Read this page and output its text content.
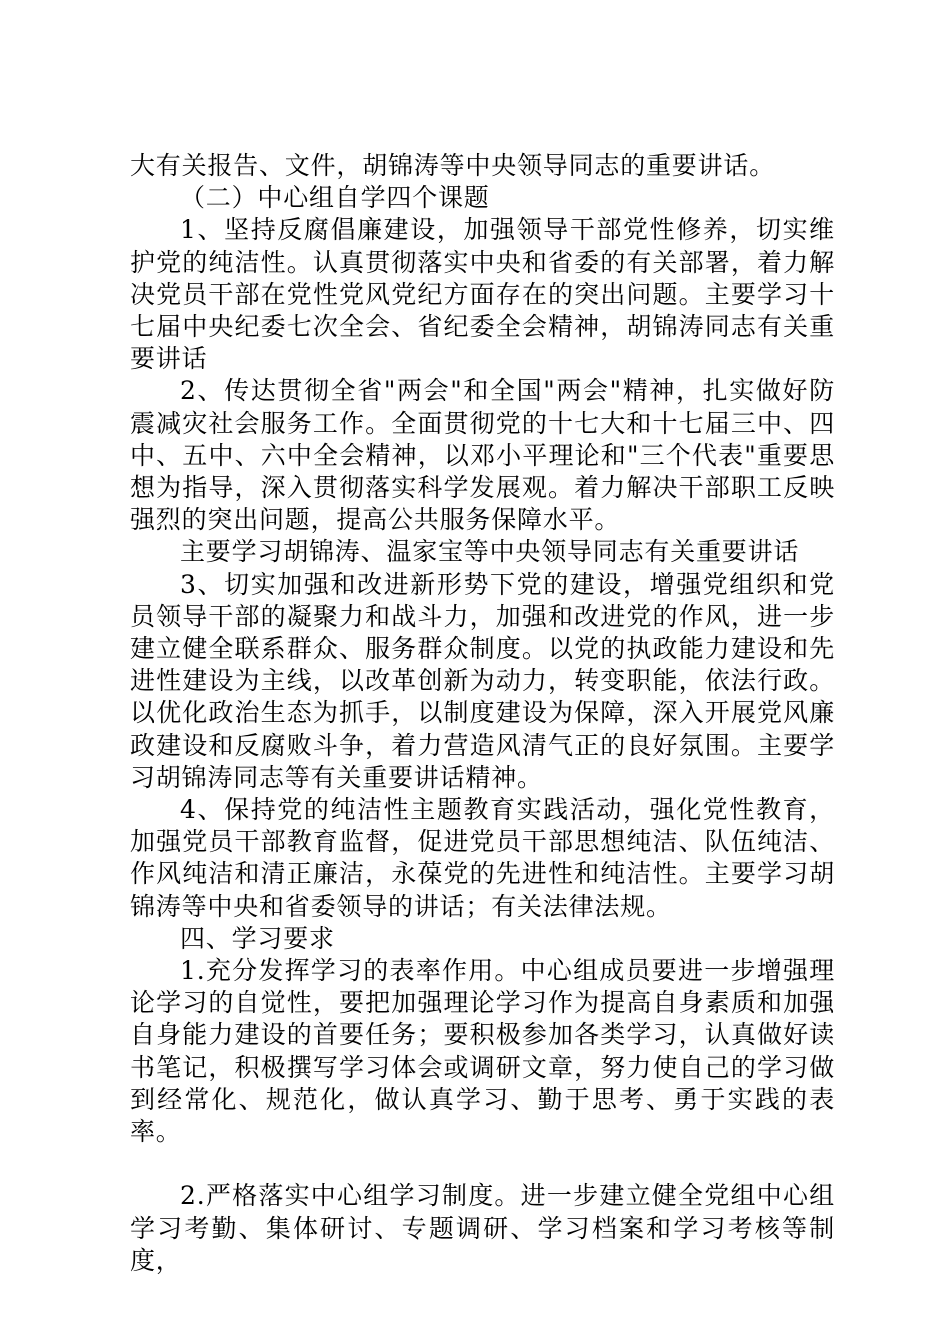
大有关报告、文件，胡锦涛等中央领导同志的重要讲话。

（二）中心组自学四个课题

1、坚持反腐倡廉建设，加强领导干部党性修养，切实维护党的纯洁性。认真贯彻落实中央和省委的有关部署，着力解决党员干部在党性党风党纪方面存在的突出问题。主要学习十七届中央纪委七次全会、省纪委全会精神，胡锦涛同志有关重要讲话

2、传达贯彻全省"两会"和全国"两会"精神，扎实做好防震减灾社会服务工作。全面贯彻党的十七大和十七届三中、四中、五中、六中全会精神，以邓小平理论和"三个代表"重要思想为指导，深入贯彻落实科学发展观。着力解决干部职工反映强烈的突出问题，提高公共服务保障水平。

主要学习胡锦涛、温家宝等中央领导同志有关重要讲话

3、切实加强和改进新形势下党的建设，增强党组织和党员领导干部的凝聚力和战斗力，加强和改进党的作风，进一步建立健全联系群众、服务群众制度。以党的执政能力建设和先进性建设为主线，以改革创新为动力，转变职能，依法行政。以优化政治生态为抓手，以制度建设为保障，深入开展党风廉政建设和反腐败斗争，着力营造风清气正的良好氛围。主要学习胡锦涛同志等有关重要讲话精神。

4、保持党的纯洁性主题教育实践活动，强化党性教育，加强党员干部教育监督，促进党员干部思想纯洁、队伍纯洁、作风纯洁和清正廉洁，永葆党的先进性和纯洁性。主要学习胡锦涛等中央和省委领导的讲话；有关法律法规。

四、学习要求

1.充分发挥学习的表率作用。中心组成员要进一步增强理论学习的自觉性，要把加强理论学习作为提高自身素质和加强自身能力建设的首要任务；要积极参加各类学习，认真做好读书笔记，积极撰写学习体会或调研文章，努力使自己的学习做到经常化、规范化，做认真学习、勤于思考、勇于实践的表率。

2.严格落实中心组学习制度。进一步建立健全党组中心组学习考勤、集体研讨、专题调研、学习档案和学习考核等制度，
